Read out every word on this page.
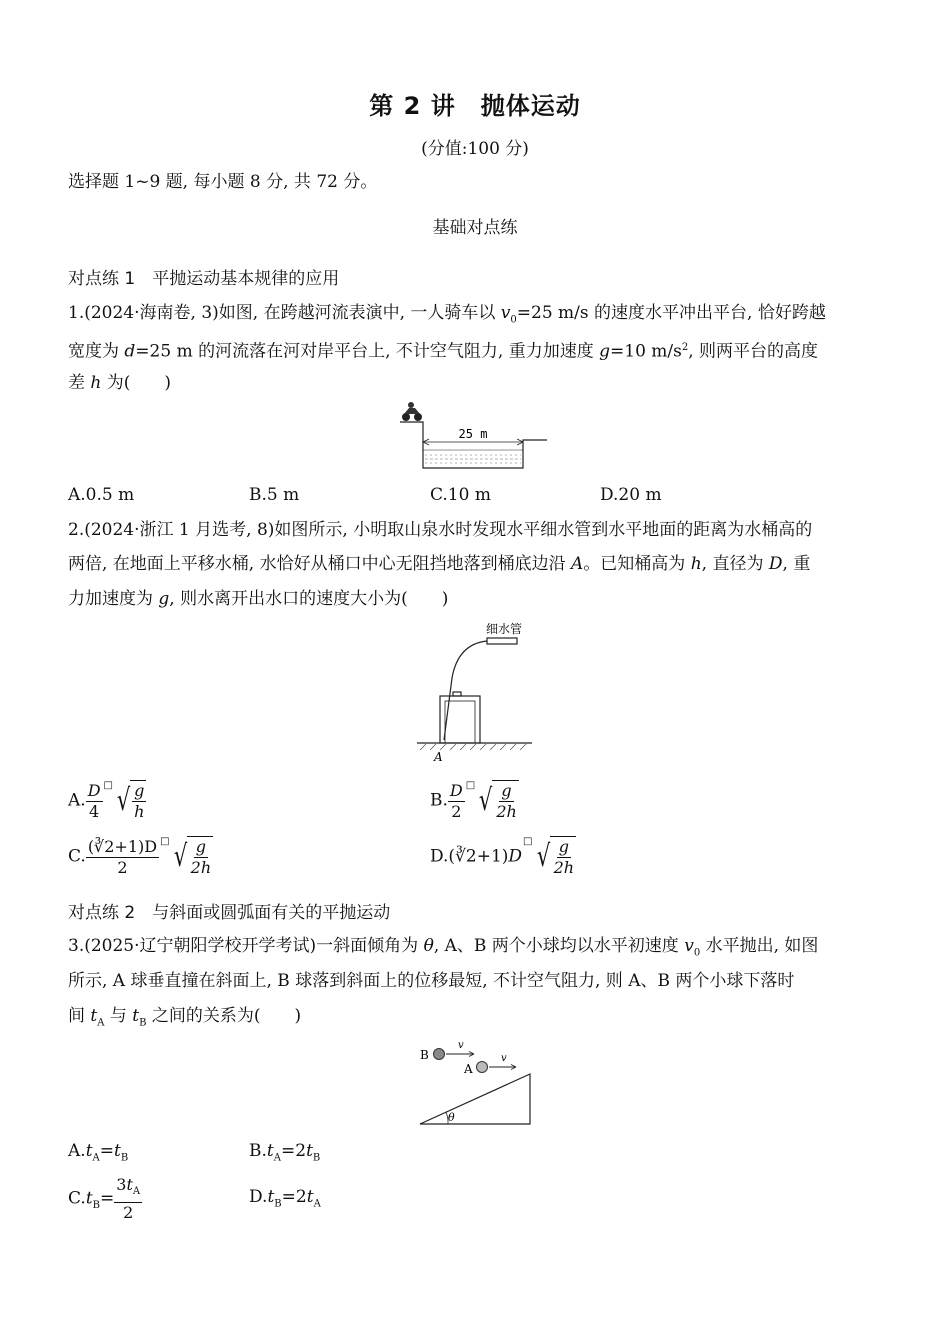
第 2 讲　抛体运动
(分值:100 分)
选择题 1~9 题, 每小题 8 分, 共 72 分。
基础对点练
对点练 1　平抛运动基本规律的应用
1.(2024·海南卷, 3)如图, 在跨越河流表演中, 一人骑车以 $v_0=25$ m/s 的速度水平冲出平台, 恰好跨越
宽度为 d=25 m 的河流落在河对岸平台上, 不计空气阻力, 重力加速度 g=10 $m/s^2$, 则两平台的高度
差 h 为(　　)
25 m
A.0.5 m	B.5 m	C.10 m	D.20 m
2.(2024·浙江 1 月选考, 8)如图所示, 小明取山泉水时发现水平细水管到水平地面的距离为水桶高的
两倍, 在地面上平移水桶, 水恰好从桶口中心无阻挡地落到桶底边沿 A。已知桶高为 h, 直径为 D, 重
力加速度为 g, 则水离开出水口的速度大小为(　　)
细水管
A
A. $\frac{D}{4} ^□$ √ $\frac{g}{h}$	B. $\frac{D}{2} ^□$ √ $\frac{g}{2h}$
C. $\frac{(∛2+1)D}{2} ^□$ √ $\frac{g}{2h}$	D.(∛2+1)D□ √ $\frac{g}{2h}$
对点练 2　与斜面或圆弧面有关的平抛运动
3.(2025·辽宁朝阳学校开学考试)一斜面倾角为 θ, A、B 两个小球均以水平初速度 $v_0$ 水平抛出, 如图
所示, A 球垂直撞在斜面上, B 球落到斜面上的位移最短, 不计空气阻力, 则 A、B 两个小球下落时
间 $t_A$ 与 $t_B$ 之间的关系为(　　)
B
A
v
v
θ
$A.t_A=t_B$	$B.t_A=2t_B$
$C.t_B= \frac{3t_A}{2}$	$D.t_B=2t_A$
